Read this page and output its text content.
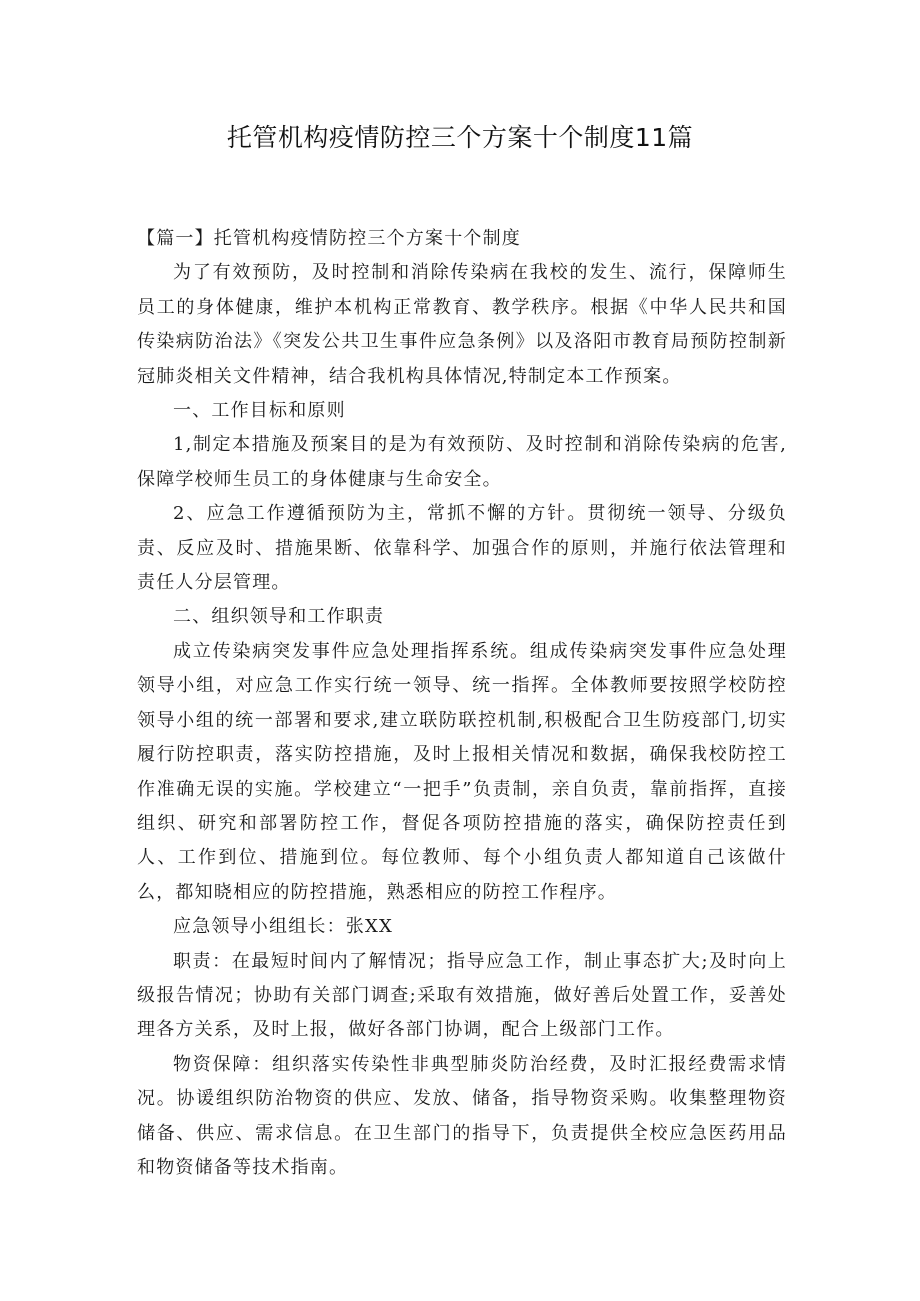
托管机构疫情防控三个方案十个制度11篇

【篇一】托管机构疫情防控三个方案十个制度

为了有效预防，及时控制和消除传染病在我校的发生、流行，保障师生员工的身体健康，维护本机构正常教育、教学秩序。根据《中华人民共和国传染病防治法》《突发公共卫生事件应急条例》以及洛阳市教育局预防控制新冠肺炎相关文件精神，结合我机构具体情况,特制定本工作预案。

一、工作目标和原则

1,制定本措施及预案目的是为有效预防、及时控制和消除传染病的危害,保障学校师生员工的身体健康与生命安全。

2、应急工作遵循预防为主，常抓不懈的方针。贯彻统一领导、分级负责、反应及时、措施果断、依靠科学、加强合作的原则，并施行依法管理和责任人分层管理。

二、组织领导和工作职责

成立传染病突发事件应急处理指挥系统。组成传染病突发事件应急处理领导小组，对应急工作实行统一领导、统一指挥。全体教师要按照学校防控领导小组的统一部署和要求,建立联防联控机制,积极配合卫生防疫部门,切实履行防控职责，落实防控措施，及时上报相关情况和数据，确保我校防控工作准确无误的实施。学校建立“一把手”负责制，亲自负责，靠前指挥，直接组织、研究和部署防控工作，督促各项防控措施的落实，确保防控责任到人、工作到位、措施到位。每位教师、每个小组负责人都知道自己该做什么，都知晓相应的防控措施，熟悉相应的防控工作程序。

应急领导小组组长：张XX

职责：在最短时间内了解情况；指导应急工作，制止事态扩大;及时向上级报告情况；协助有关部门调查;采取有效措施，做好善后处置工作，妥善处理各方关系，及时上报，做好各部门协调，配合上级部门工作。

物资保障：组织落实传染性非典型肺炎防治经费，及时汇报经费需求情况。协谖组织防治物资的供应、发放、储备，指导物资采购。收集整理物资储备、供应、需求信息。在卫生部门的指导下，负责提供全校应急医药用品和物资储备等技术指南。
